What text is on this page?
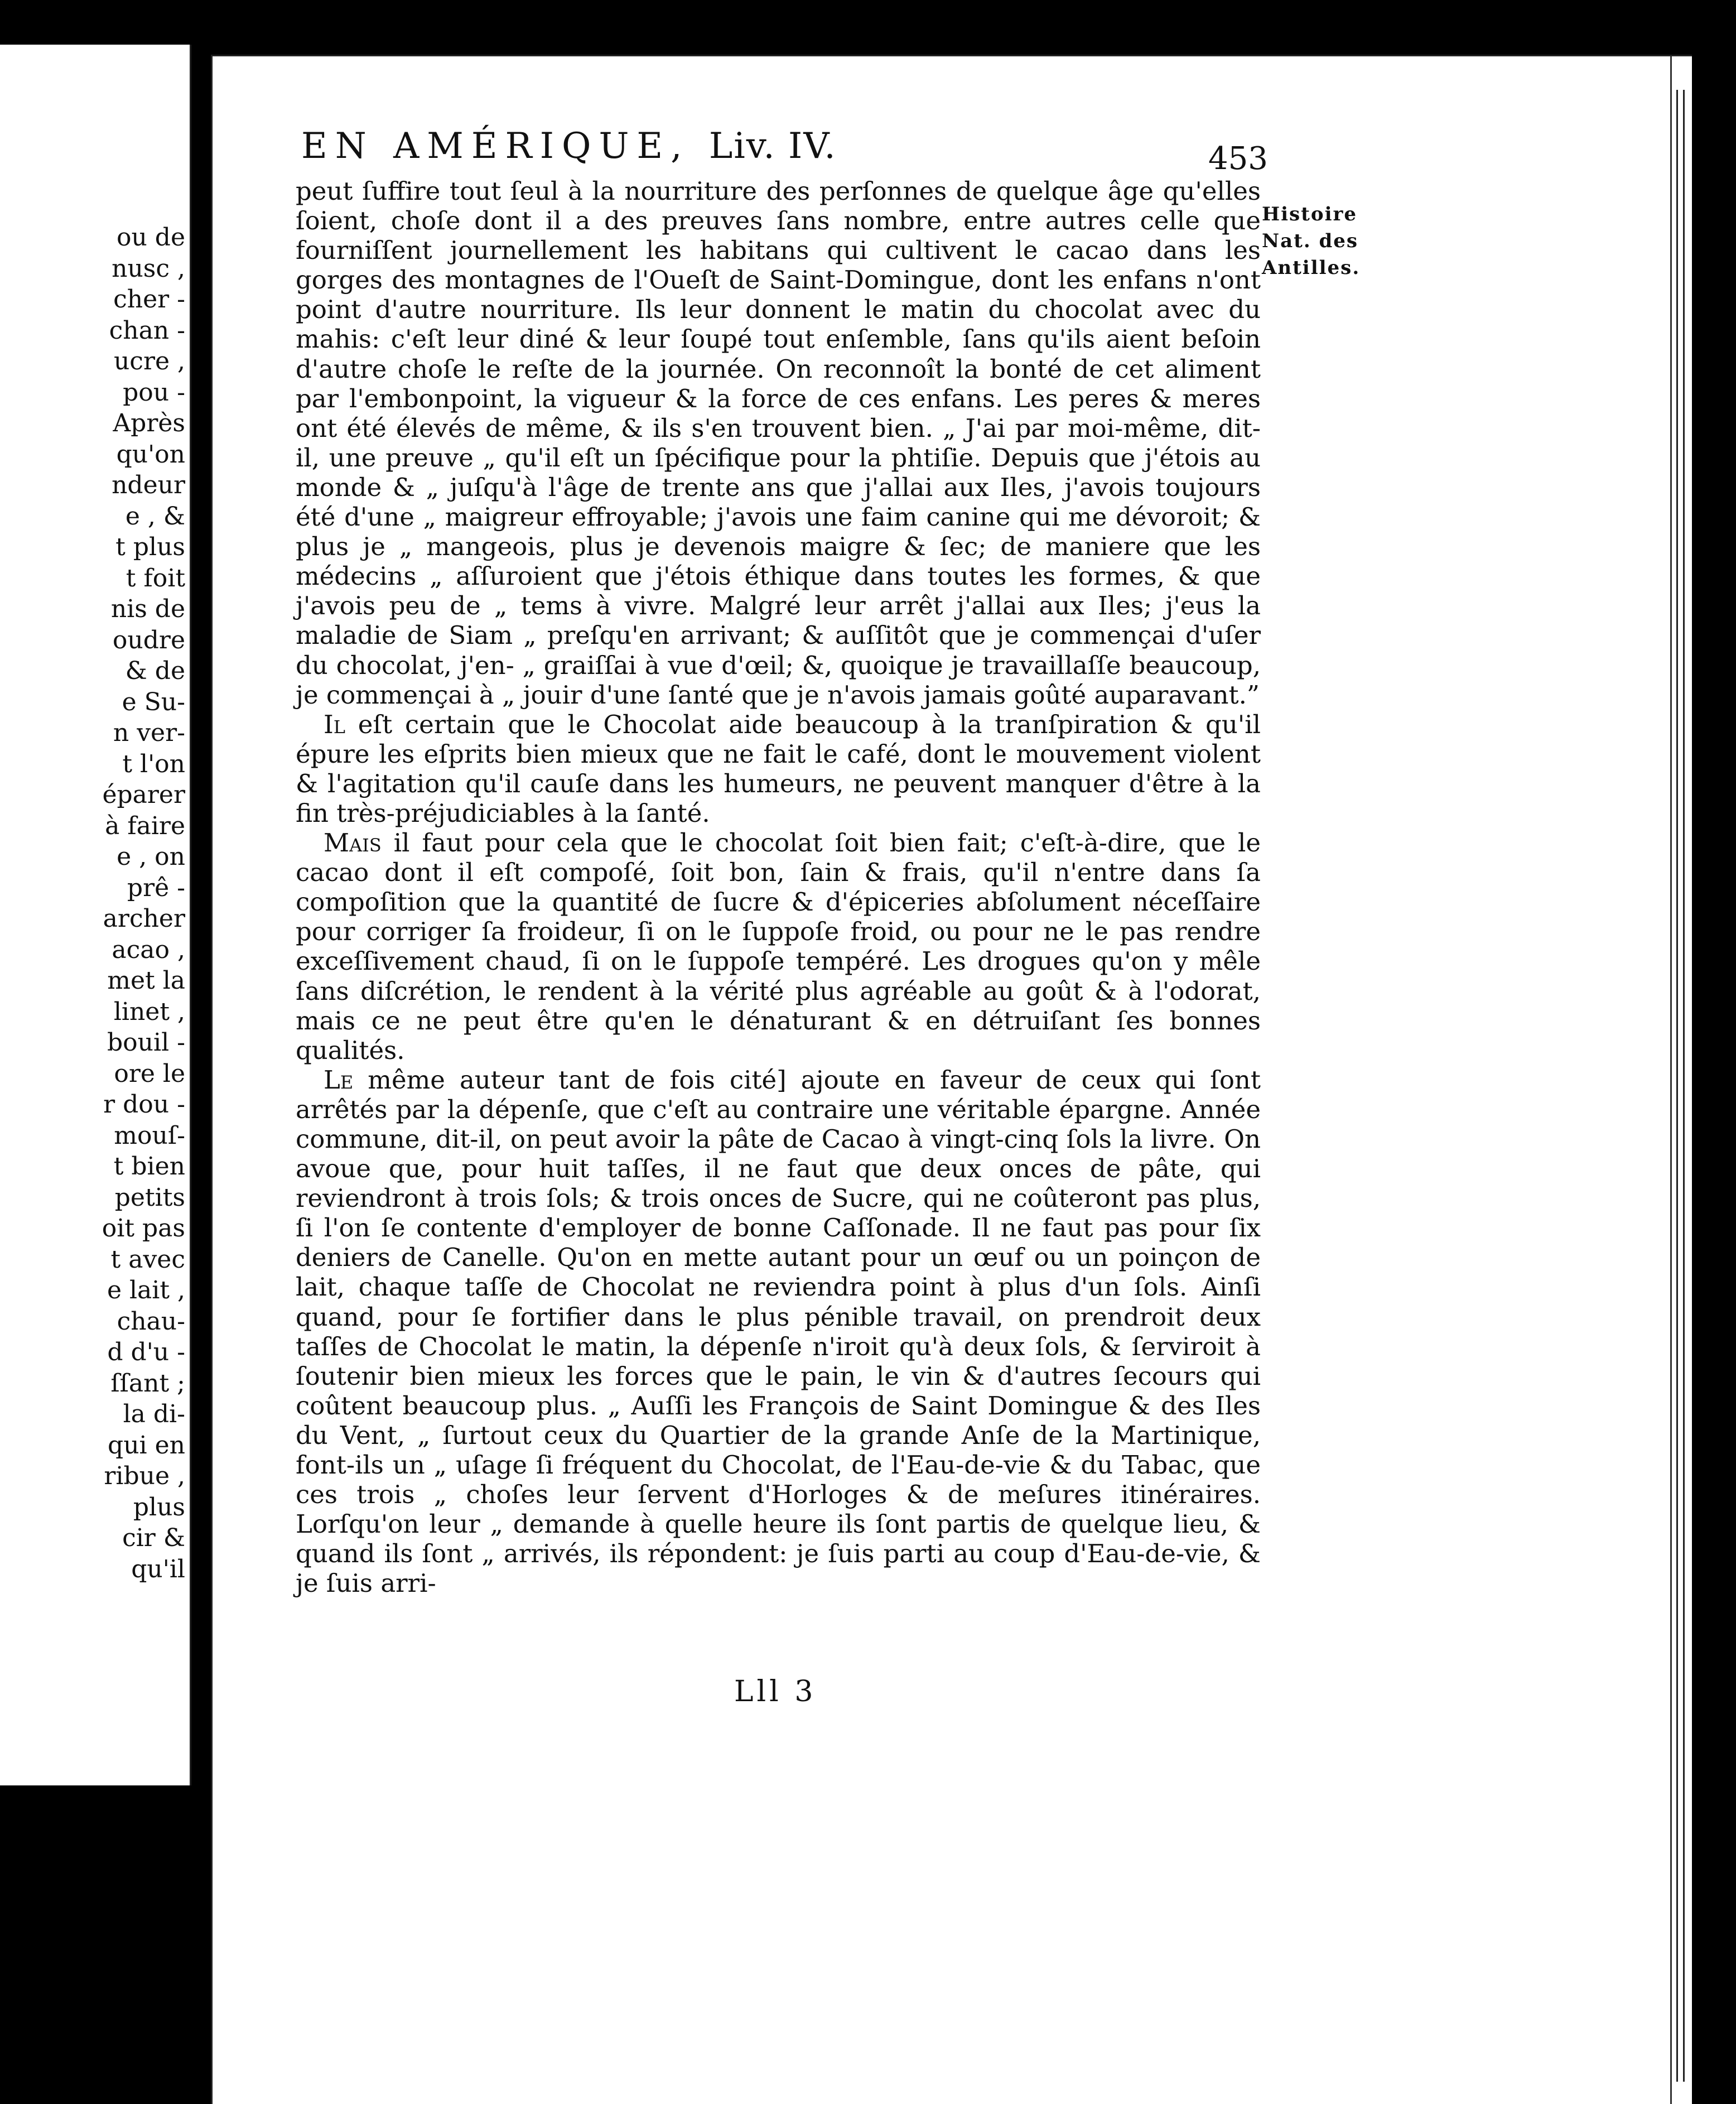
ou de
nusc ,
cher -
chan -
ucre ,
pou -
Après
qu'on
ndeur
e , &
t plus
t foit
nis de
oudre
& de
e Su-
n ver-
t l'on
éparer
à faire
e , on
prê -
archer
acao ,
met la
linet ,
bouil -
ore le
r dou -
mouſ-
t bien
petits
oit pas
t avec
e lait ,
chau-
d d'u -
ſſant ;
la di-
qui en
ribue ,
plus
cir &
qu'il
EN AMÉRIQUE, Liv. IV.	453
Histoire
Nat. des
Antilles.

peut ſuffire tout ſeul à la nourriture des perſonnes de quelque âge qu'elles ſoient, choſe dont il a des preuves ſans nombre, entre autres celle que fourniſſent journellement les habitans qui cultivent le cacao dans les gorges des montagnes de l'Oueſt de Saint-Domingue, dont les enfans n'ont point d'autre nourriture. Ils leur donnent le matin du chocolat avec du mahis: c'eſt leur diné & leur ſoupé tout enſemble, ſans qu'ils aient beſoin d'autre choſe le reſte de la journée. On reconnoît la bonté de cet aliment par l'embonpoint, la vigueur & la force de ces enfans. Les peres & meres ont été élevés de même, & ils s'en trouvent bien. „ J'ai par moi-même, dit-il, une preuve „ qu'il eſt un ſpécifique pour la phtiſie. Depuis que j'étois au monde & „ juſqu'à l'âge de trente ans que j'allai aux Iles, j'avois toujours été d'une „ maigreur effroyable; j'avois une faim canine qui me dévoroit; & plus je „ mangeois, plus je devenois maigre & ſec; de maniere que les médecins „ aſſuroient que j'étois éthique dans toutes les formes, & que j'avois peu de „ tems à vivre. Malgré leur arrêt j'allai aux Iles; j'eus la maladie de Siam „ preſqu'en arrivant; & auſſitôt que je commençai d'uſer du chocolat, j'en- „ graiſſai à vue d'œil; &, quoique je travaillaſſe beaucoup, je commençai à „ jouir d'une ſanté que je n'avois jamais goûté auparavant.”

Il eſt certain que le Chocolat aide beaucoup à la tranſpiration & qu'il épure les eſprits bien mieux que ne fait le café, dont le mouvement violent & l'agitation qu'il cauſe dans les humeurs, ne peuvent manquer d'être à la fin très-préjudiciables à la ſanté.

Mais il faut pour cela que le chocolat ſoit bien fait; c'eſt-à-dire, que le cacao dont il eſt compoſé, ſoit bon, ſain & frais, qu'il n'entre dans ſa compoſition que la quantité de ſucre & d'épiceries abſolument néceſſaire pour corriger ſa froideur, ſi on le ſuppoſe froid, ou pour ne le pas rendre exceſſivement chaud, ſi on le ſuppoſe tempéré. Les drogues qu'on y mêle ſans diſcrétion, le rendent à la vérité plus agréable au goût & à l'odorat, mais ce ne peut être qu'en le dénaturant & en détruiſant ſes bonnes qualités.

Le même auteur tant de fois cité] ajoute en faveur de ceux qui ſont arrêtés par la dépenſe, que c'eſt au contraire une véritable épargne. Année commune, dit-il, on peut avoir la pâte de Cacao à vingt-cinq ſols la livre. On avoue que, pour huit taſſes, il ne faut que deux onces de pâte, qui reviendront à trois ſols; & trois onces de Sucre, qui ne coûteront pas plus, ſi l'on ſe contente d'employer de bonne Caſſonade. Il ne faut pas pour ſix deniers de Canelle. Qu'on en mette autant pour un œuf ou un poinçon de lait, chaque taſſe de Chocolat ne reviendra point à plus d'un ſols. Ainſi quand, pour ſe fortifier dans le plus pénible travail, on prendroit deux taſſes de Chocolat le matin, la dépenſe n'iroit qu'à deux ſols, & ſerviroit à ſoutenir bien mieux les forces que le pain, le vin & d'autres ſecours qui coûtent beaucoup plus. „ Auſſi les François de Saint Domingue & des Iles du Vent, „ ſurtout ceux du Quartier de la grande Anſe de la Martinique, font-ils un „ uſage ſi fréquent du Chocolat, de l'Eau-de-vie & du Tabac, que ces trois „ choſes leur ſervent d'Horloges & de meſures itinéraires. Lorſqu'on leur „ demande à quelle heure ils ſont partis de quelque lieu, & quand ils ſont „ arrivés, ils répondent: je ſuis parti au coup d'Eau-de-vie, & je ſuis arri-

Lll 3
